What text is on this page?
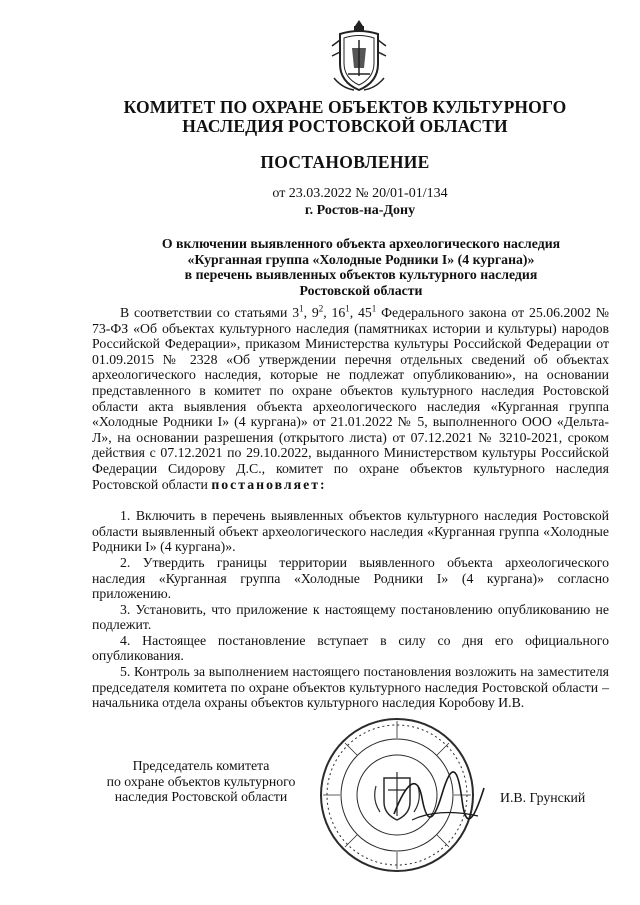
КОМИТЕТ ПО ОХРАНЕ ОБЪЕКТОВ КУЛЬТУРНОГО
НАСЛЕДИЯ РОСТОВСКОЙ ОБЛАСТИ
ПОСТАНОВЛЕНИЕ
от 23.03.2022 № 20/01-01/134
г. Ростов-на-Дону
О включении выявленного объекта археологического наследия
«Курганная группа «Холодные Родники I» (4 кургана)»
в перечень выявленных объектов культурного наследия
Ростовской области

В соответствии со статьями $3^1$, $9^2$, $16^1$, $45^1$ Федерального закона от 25.06.2002 № 73-ФЗ «Об объектах культурного наследия (памятниках истории и культуры) народов Российской Федерации», приказом Министерства культуры Российской Федерации от 01.09.2015 № 2328 «Об утверждении перечня отдельных сведений об объектах археологического наследия, которые не подлежат опубликованию», на основании представленного в комитет по охране объектов культурного наследия Ростовской области акта выявления объекта археологического наследия «Курганная группа «Холодные Родники I» (4 кургана)» от 21.01.2022 № 5, выполненного ООО «Дельта-Л», на основании разрешения (открытого листа) от 07.12.2021 № 3210-2021, сроком действия с 07.12.2021 по 29.10.2022, выданного Министерством культуры Российской Федерации Сидорову Д.С., комитет по охране объектов культурного наследия Ростовской области постановляет:

1. Включить в перечень выявленных объектов культурного наследия Ростовской области выявленный объект археологического наследия «Курганная группа «Холодные Родники I» (4 кургана)».

2. Утвердить границы территории выявленного объекта археологического наследия «Курганная группа «Холодные Родники I» (4 кургана)» согласно приложению.

3. Установить, что приложение к настоящему постановлению опубликованию не подлежит.

4. Настоящее постановление вступает в силу со дня его официального опубликования.

5. Контроль за выполнением настоящего постановления возложить на заместителя председателя комитета по охране объектов культурного наследия Ростовской области – начальника отдела охраны объектов культурного наследия Коробову И.В.

Председатель комитета
по охране объектов культурного
наследия Ростовской области	И.В. Грунский
